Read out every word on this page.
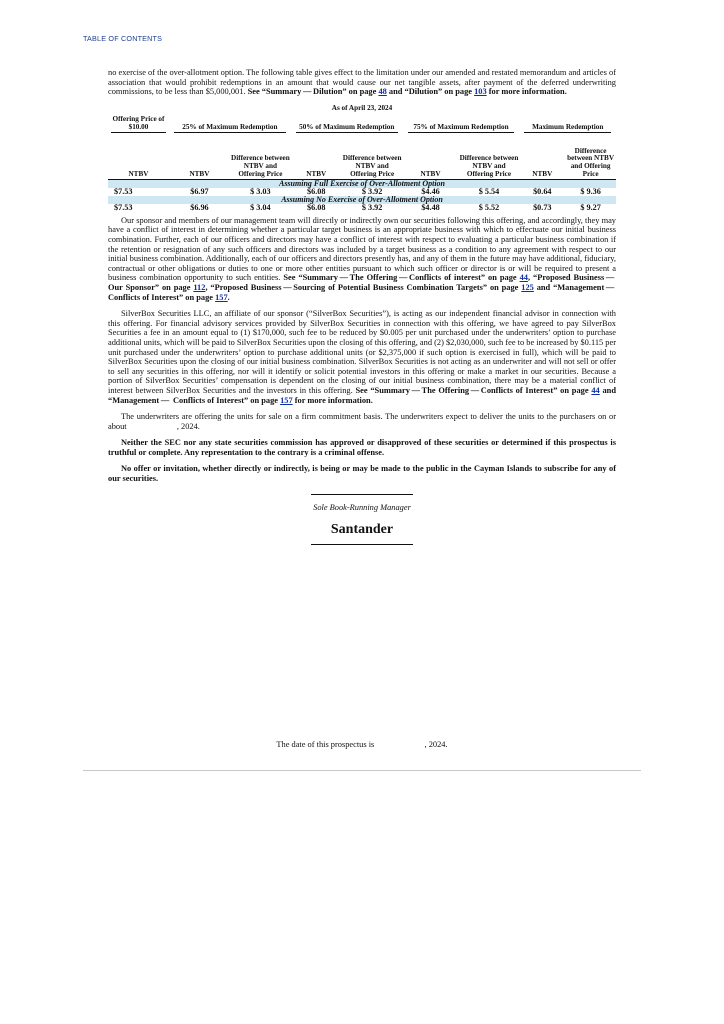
TABLE OF CONTENTS

no exercise of the over-allotment option. The following table gives effect to the limitation under our amended and restated memorandum and articles of association that would prohibit redemptions in an amount that would cause our net tangible assets, after payment of the deferred underwriting commissions, to be less than $5,000,001. See “Summary — Dilution” on page 48 and “Dilution” on page 103 for more information.

As of April 23, 2024
Offering Price of $10.00	25% of Maximum Redemption		50% of Maximum Redemption		75% of Maximum Redemption		Maximum Redemption	

NTBV	NTBV	Difference between NTBV and Offering Price	NTBV	Difference between NTBV and Offering Price	NTBV	Difference between NTBV and Offering Price	NTBV	Difference between NTBV and Offering Price
Assuming Full Exercise of Over-Allotment Option								
$7.53	$6.97	$ 3.03	$6.08	$ 3.92	$4.46	$ 5.54	$0.64	$ 9.36
Assuming No Exercise of Over-Allotment Option								
$7.53	$6.96	$ 3.04	$6.08	$ 3.92	$4.48	$ 5.52	$0.73	$ 9.27

Our sponsor and members of our management team will directly or indirectly own our securities following this offering, and accordingly, they may have a conflict of interest in determining whether a particular target business is an appropriate business with which to effectuate our initial business combination. Further, each of our officers and directors may have a conflict of interest with respect to evaluating a particular business combination if the retention or resignation of any such officers and directors was included by a target business as a condition to any agreement with respect to our initial business combination. Additionally, each of our officers and directors presently has, and any of them in the future may have additional, fiduciary, contractual or other obligations or duties to one or more other entities pursuant to which such officer or director is or will be required to present a business combination opportunity to such entities. See “Summary — The Offering — Conflicts of interest” on page 44, “Proposed Business — Our Sponsor” on page 112, “Proposed Business — Sourcing of Potential Business Combination Targets” on page 125 and “Management — Conflicts of Interest” on page 157.

SilverBox Securities LLC, an affiliate of our sponsor (“SilverBox Securities”), is acting as our independent financial advisor in connection with this offering. For financial advisory services provided by SilverBox Securities in connection with this offering, we have agreed to pay SilverBox Securities a fee in an amount equal to (1) $170,000, such fee to be reduced by $0.005 per unit purchased under the underwriters’ option to purchase additional units, which will be paid to SilverBox Securities upon the closing of this offering, and (2) $2,030,000, such fee to be increased by $0.115 per unit purchased under the underwriters’ option to purchase additional units (or $2,375,000 if such option is exercised in full), which will be paid to SilverBox Securities upon the closing of our initial business combination. SilverBox Securities is not acting as an underwriter and will not sell or offer to sell any securities in this offering, nor will it identify or solicit potential investors in this offering or make a market in our securities. Because a portion of SilverBox Securities’ compensation is dependent on the closing of our initial business combination, there may be a material conflict of interest between SilverBox Securities and the investors in this offering. See “Summary — The Offering — Conflicts of Interest” on page 44 and “Management —  Conflicts of Interest” on page 157 for more information.

The underwriters are offering the units for sale on a firm commitment basis. The underwriters expect to deliver the units to the purchasers on or about                        , 2024.

Neither the SEC nor any state securities commission has approved or disapproved of these securities or determined if this prospectus is truthful or complete. Any representation to the contrary is a criminal offense.

No offer or invitation, whether directly or indirectly, is being or may be made to the public in the Cayman Islands to subscribe for any of our securities.

Sole Book-Running Manager
Santander
The date of this prospectus is                        , 2024.
